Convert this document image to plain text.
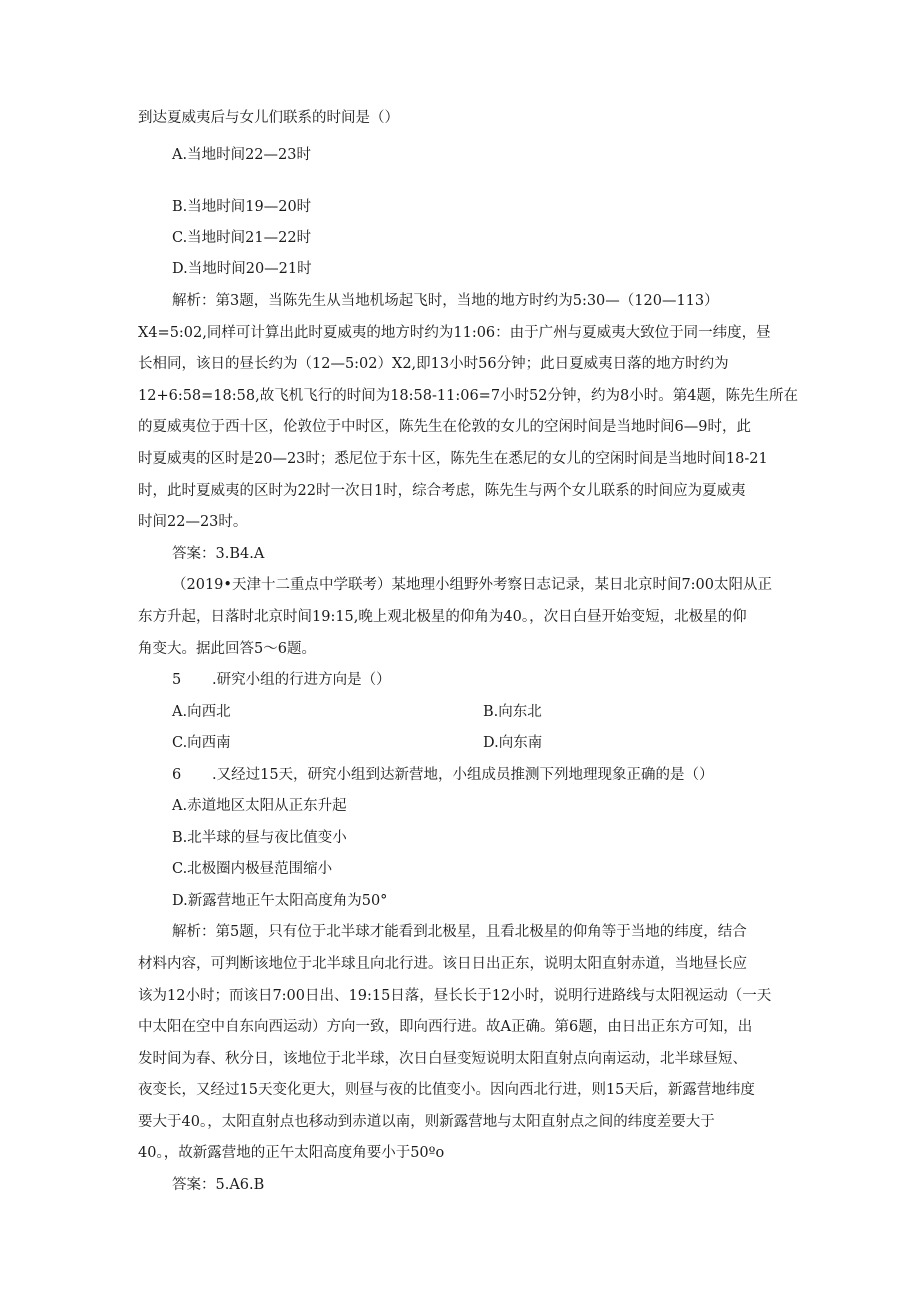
到达夏威夷后与女儿们联系的时间是（）
A.当地时间22—23时
B.当地时间19—20时
C.当地时间21—22时
D.当地时间20—21时
解析：第3题，当陈先生从当地机场起飞时，当地的地方时约为5:30—（120—113）
X4=5:02,同样可计算出此时夏威夷的地方时约为11:06：由于广州与夏威夷大致位于同一纬度，昼
长相同，该日的昼长约为（12—5:02）X2,即13小时56分钟；此日夏威夷日落的地方时约为
12+6:58=18:58,故飞机飞行的时间为18:58-11:06=7小时52分钟，约为8小时。第4题，陈先生所在
的夏威夷位于西十区，伦敦位于中时区，陈先生在伦敦的女儿的空闲时间是当地时间6—9时，此
时夏威夷的区时是20—23时；悉尼位于东十区，陈先生在悉尼的女儿的空闲时间是当地时间18-21
时，此时夏威夷的区时为22时一次日1时，综合考虑，陈先生与两个女儿联系的时间应为夏威夷
时间22—23时。
答案：3.B4.A
（2019•天津十二重点中学联考）某地理小组野外考察日志记录，某日北京时间7:00太阳从正
东方升起，日落时北京时间19:15,晚上观北极星的仰角为40。，次日白昼开始变短，北极星的仰
角变大。据此回答5～6题。
5 .研究小组的行进方向是（）
A.向西北	B.向东北
C.向西南	D.向东南
6 .又经过15天，研究小组到达新营地，小组成员推测下列地理现象正确的是（）
A.赤道地区太阳从正东升起
B.北半球的昼与夜比值变小
C.北极圈内极昼范围缩小
D.新露营地正午太阳高度角为50°
解析：第5题，只有位于北半球才能看到北极星，且看北极星的仰角等于当地的纬度，结合
材料内容，可判断该地位于北半球且向北行进。该日日出正东，说明太阳直射赤道，当地昼长应
该为12小时；而该日7:00日出、19:15日落，昼长长于12小时，说明行进路线与太阳视运动（一天
中太阳在空中自东向西运动）方向一致，即向西行进。故A正确。第6题，由日出正东方可知，出
发时间为春、秋分日，该地位于北半球，次日白昼变短说明太阳直射点向南运动，北半球昼短、
夜变长，又经过15天变化更大，则昼与夜的比值变小。因向西北行进，则15天后，新露营地纬度
要大于40。，太阳直射点也移动到赤道以南，则新露营地与太阳直射点之间的纬度差要大于
40。，故新露营地的正午太阳高度角要小于50ºo
答案：5.A6.B
